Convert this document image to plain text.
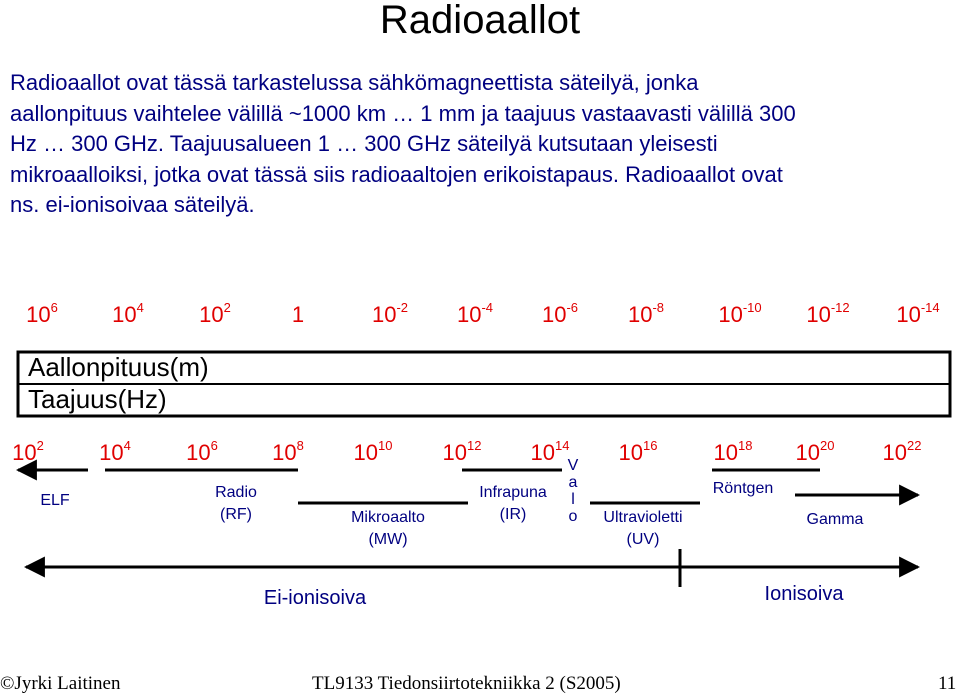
Radioaallot
Radioaallot ovat tässä tarkastelussa sähkömagneettista säteilyä, jonka
aallonpituus vaihtelee välillä ~1000 km … 1 mm ja taajuus vastaavasti välillä 300
Hz … 300 GHz. Taajuusalueen 1 … 300 GHz säteilyä kutsutaan yleisesti
mikroaalloiksi, jotka ovat tässä siis radioaaltojen erikoistapaus. Radioaallot ovat
ns. ei-ionisoivaa säteilyä.
$10^6$ $10^4$	$10^2$	1	$10^{-2}$ $10^{-4}$ $10^{-6}$ $10^{-8}$ $10^{-10}$ $10^{-12}$ $10^{-14}$
Aallonpituus(m)
Taajuus(Hz)
$10^2$	$10^4$	$10^6$ $10^8$ $10^{10}$ $10^{12}$ $10^{14}$ $10^{16}$	$10^{18}$ $10^{20}$ $10^{22}$
ELF	Radio
(RF)	Mikroaalto
(MW)
Infrapuna
(IR)
V
a
l
o Ultravioletti
(UV)
Röntgen
Gamma
Ei-ionisoiva	Ionisoiva
©Jyrki Laitinen	TL9133 Tiedonsiirtotekniikka 2 (S2005)	11
